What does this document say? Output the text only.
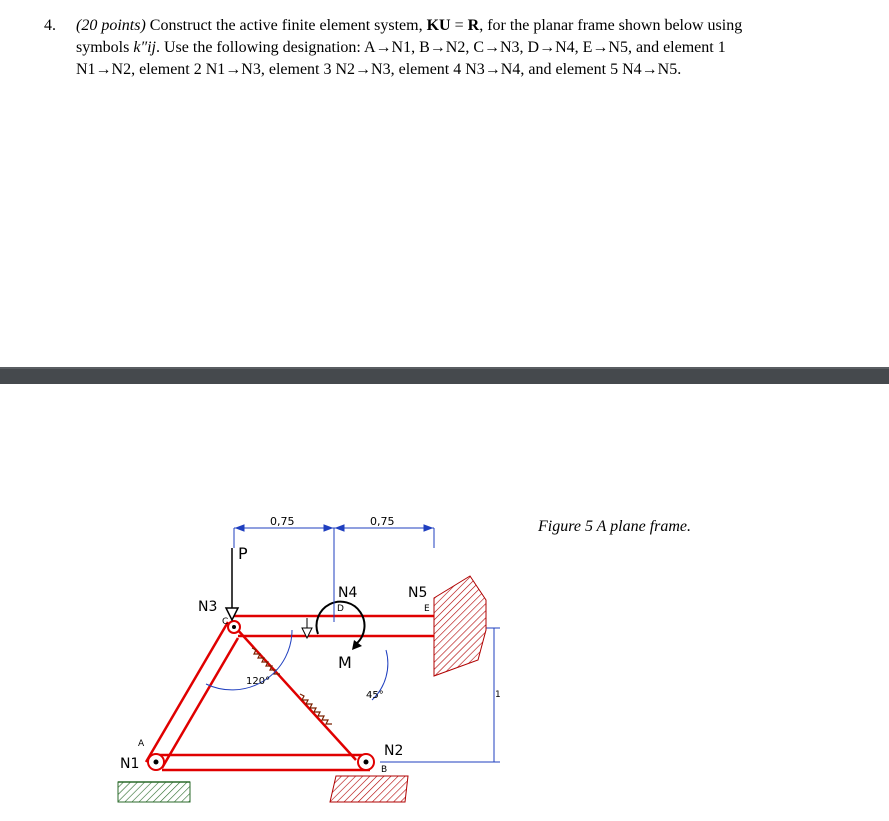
4. (20 points) Construct the active finite element system, KU = R, for the planar frame shown below using symbols k″ij. Use the following designation: A→N1, B→N2, C→N3, D→N4, E→N5, and element 1 N1→N2, element 2 N1→N3, element 3 N2→N3, element 4 N3→N4, and element 5 N4→N5.
Figure 5 A plane frame.
0,75	0,75
1
P
M
N3
C
N4
D
N5
E
N1
A	N2
B
120°
45°
